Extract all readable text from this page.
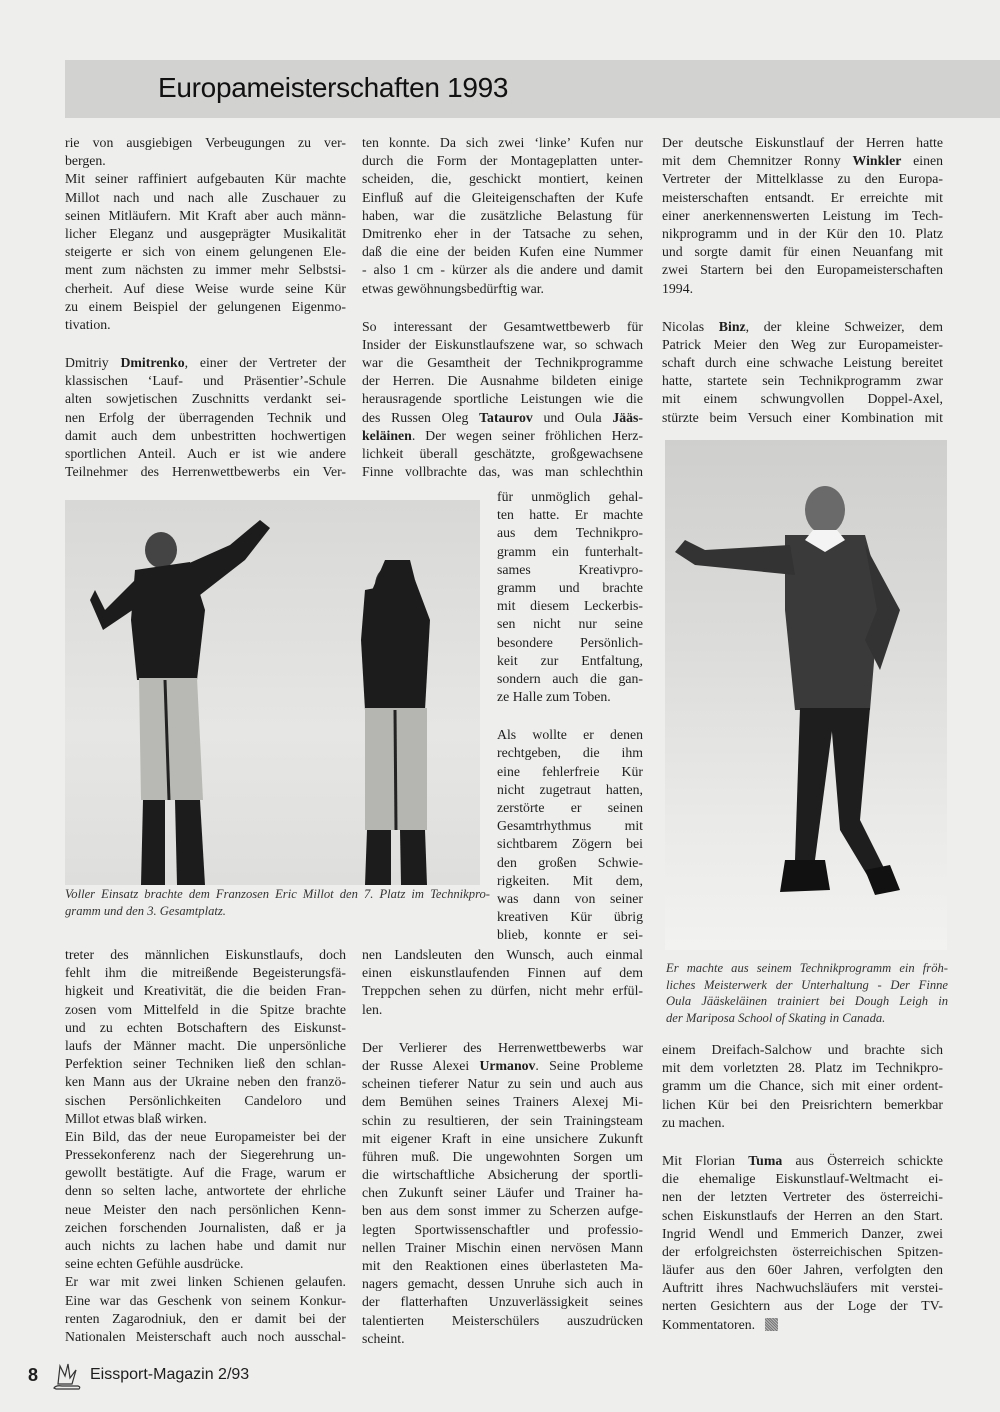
Europameisterschaften 1993
rie von ausgiebigen Verbeugungen zu ver-
bergen.
Mit seiner raffiniert aufgebauten Kür machte
Millot nach und nach alle Zuschauer zu
seinen Mitläufern. Mit Kraft aber auch männ-
licher Eleganz und ausgeprägter Musikalität
steigerte er sich von einem gelungenen Ele-
ment zum nächsten zu immer mehr Selbstsi-
cherheit. Auf diese Weise wurde seine Kür
zu einem Beispiel der gelungenen Eigenmo-
tivation.
Dmitriy Dmitrenko, einer der Vertreter der
klassischen ‘Lauf- und Präsentier’-Schule
alten sowjetischen Zuschnitts verdankt sei-
nen Erfolg der überragenden Technik und
damit auch dem unbestritten hochwertigen
sportlichen Anteil. Auch er ist wie andere
Teilnehmer des Herrenwettbewerbs ein Ver-
ten konnte. Da sich zwei ‘linke’ Kufen nur
durch die Form der Montageplatten unter-
scheiden, die, geschickt montiert, keinen
Einfluß auf die Gleiteigenschaften der Kufe
haben, war die zusätzliche Belastung für
Dmitrenko eher in der Tatsache zu sehen,
daß die eine der beiden Kufen eine Nummer
- also 1 cm - kürzer als die andere und damit
etwas gewöhnungsbedürftig war.
So interessant der Gesamtwettbewerb für
Insider der Eiskunstlaufszene war, so schwach
war die Gesamtheit der Technikprogramme
der Herren. Die Ausnahme bildeten einige
herausragende sportliche Leistungen wie die
des Russen Oleg Tataurov und Oula Jääs-
keläinen. Der wegen seiner fröhlichen Herz-
lichkeit überall geschätzte, großgewachsene
Finne vollbrachte das, was man schlechthin
für unmöglich gehal-
ten hatte. Er machte
aus dem Technikpro-
gramm ein funterhalt-
sames Kreativpro-
gramm und brachte
mit diesem Leckerbis-
sen nicht nur seine
besondere Persönlich-
keit zur Entfaltung,
sondern auch die gan-
ze Halle zum Toben.
Als wollte er denen
rechtgeben, die ihm
eine fehlerfreie Kür
nicht zugetraut hatten,
zerstörte er seinen
Gesamtrhythmus mit
sichtbarem Zögern bei
den großen Schwie-
rigkeiten. Mit dem,
was dann von seiner
kreativen Kür übrig
blieb, konnte er sei-
treter des männlichen Eiskunstlaufs, doch
fehlt ihm die mitreißende Begeisterungsfä-
higkeit und Kreativität, die die beiden Fran-
zosen vom Mittelfeld in die Spitze brachte
und zu echten Botschaftern des Eiskunst-
laufs der Männer macht. Die unpersönliche
Perfektion seiner Techniken ließ den schlan-
ken Mann aus der Ukraine neben den franzö-
sischen Persönlichkeiten Candeloro und
Millot etwas blaß wirken.
Ein Bild, das der neue Europameister bei der
Pressekonferenz nach der Siegerehrung un-
gewollt bestätigte. Auf die Frage, warum er
denn so selten lache, antwortete der ehrliche
neue Meister den nach persönlichen Kenn-
zeichen forschenden Journalisten, daß er ja
auch nichts zu lachen habe und damit nur
seine echten Gefühle ausdrücke.
Er war mit zwei linken Schienen gelaufen.
Eine war das Geschenk von seinem Konkur-
renten Zagarodniuk, den er damit bei der
Nationalen Meisterschaft auch noch ausschal-
nen Landsleuten den Wunsch, auch einmal
einen eiskunstlaufenden Finnen auf dem
Treppchen sehen zu dürfen, nicht mehr erfül-
len.
Der Verlierer des Herrenwettbewerbs war
der Russe Alexei Urmanov. Seine Probleme
scheinen tieferer Natur zu sein und auch aus
dem Bemühen seines Trainers Alexej Mi-
schin zu resultieren, der sein Trainingsteam
mit eigener Kraft in eine unsichere Zukunft
führen muß. Die ungewohnten Sorgen um
die wirtschaftliche Absicherung der sportli-
chen Zukunft seiner Läufer und Trainer ha-
ben aus dem sonst immer zu Scherzen aufge-
legten Sportwissenschaftler und professio-
nellen Trainer Mischin einen nervösen Mann
mit den Reaktionen eines überlasteten Ma-
nagers gemacht, dessen Unruhe sich auch in
der flatterhaften Unzuverlässigkeit seines
talentierten Meisterschülers auszudrücken
scheint.
Der deutsche Eiskunstlauf der Herren hatte
mit dem Chemnitzer Ronny Winkler einen
Vertreter der Mittelklasse zu den Europa-
meisterschaften entsandt. Er erreichte mit
einer anerkennenswerten Leistung im Tech-
nikprogramm und in der Kür den 10. Platz
und sorgte damit für einen Neuanfang mit
zwei Startern bei den Europameisterschaften
1994.
Nicolas Binz, der kleine Schweizer, dem
Patrick Meier den Weg zur Europameister-
schaft durch eine schwache Leistung bereitet
hatte, startete sein Technikprogramm zwar
mit einem schwungvollen Doppel-Axel,
stürzte beim Versuch einer Kombination mit
einem Dreifach-Salchow und brachte sich
mit dem vorletzten 28. Platz im Technikpro-
gramm um die Chance, sich mit einer ordent-
lichen Kür bei den Preisrichtern bemerkbar
zu machen.
Mit Florian Tuma aus Österreich schickte
die ehemalige Eiskunstlauf-Weltmacht ei-
nen der letzten Vertreter des österreichi-
schen Eiskunstlaufs der Herren an den Start.
Ingrid Wendl und Emmerich Danzer, zwei
der erfolgreichsten österreichischen Spitzen-
läufer aus den 60er Jahren, verfolgten den
Auftritt ihres Nachwuchsläufers mit verstei-
nerten Gesichtern aus der Loge der TV-
Kommentatoren.
Voller Einsatz brachte dem Franzosen Eric Millot den 7. Platz im Technikpro-
gramm und den 3. Gesamtplatz.
Er machte aus seinem Technikprogramm ein fröh-
liches Meisterwerk der Unterhaltung - Der Finne
Oula Jääskeläinen trainiert bei Dough Leigh in
der Mariposa School of Skating in Canada.
8	Eissport-Magazin 2/93
